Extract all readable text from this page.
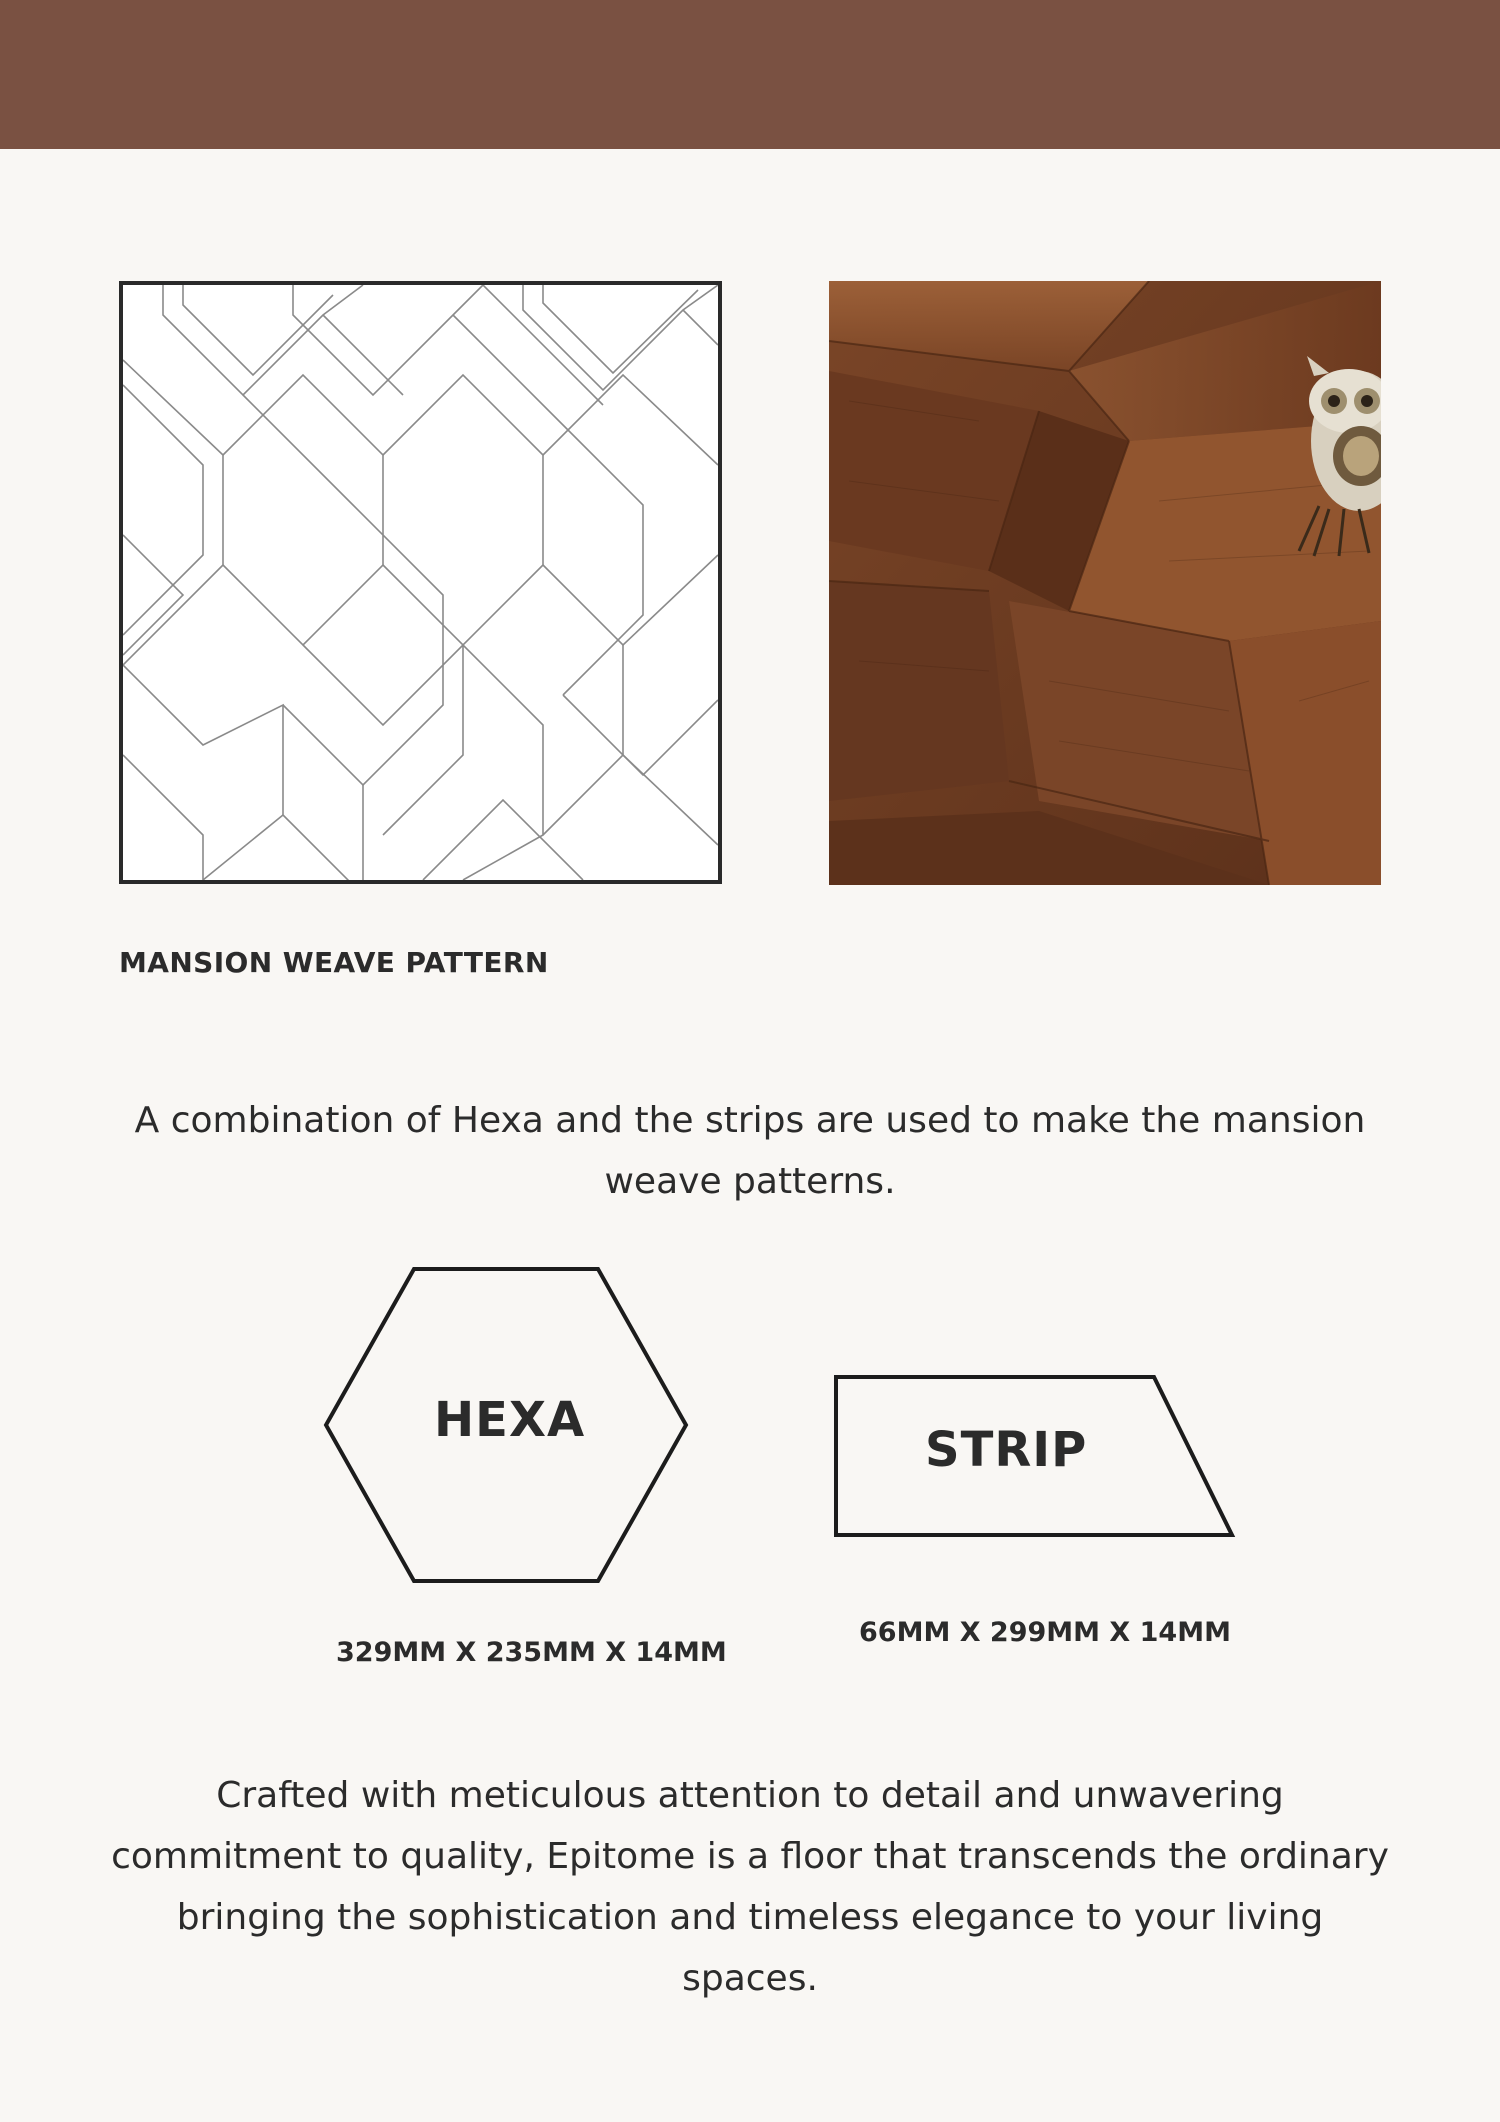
MANSION WEAVE PATTERN
A combination of Hexa and the strips are used to make the mansion weave patterns.
HEXA
STRIP
329MM X 235MM X 14MM
66MM X 299MM X 14MM
Crafted with meticulous attention to detail and unwavering commitment to quality, Epitome is a floor that transcends the ordinary bringing the sophistication and timeless elegance to your living spaces.
